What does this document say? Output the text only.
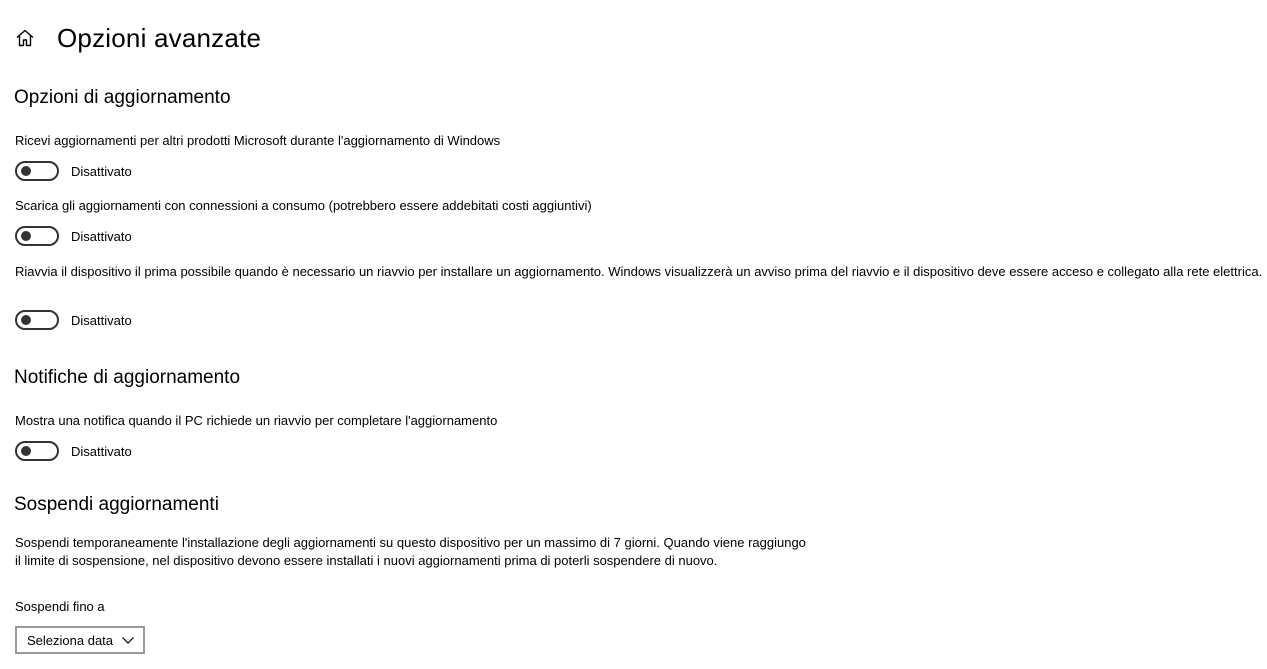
Opzioni avanzate
Opzioni di aggiornamento
Ricevi aggiornamenti per altri prodotti Microsoft durante l'aggiornamento di Windows
Disattivato
Scarica gli aggiornamenti con connessioni a consumo (potrebbero essere addebitati costi aggiuntivi)
Disattivato
Riavvia il dispositivo il prima possibile quando è necessario un riavvio per installare un aggiornamento. Windows visualizzerà un avviso prima del riavvio e il dispositivo deve essere acceso e collegato alla rete elettrica.
Disattivato
Notifiche di aggiornamento
Mostra una notifica quando il PC richiede un riavvio per completare l'aggiornamento
Disattivato
Sospendi aggiornamenti
Sospendi temporaneamente l'installazione degli aggiornamenti su questo dispositivo per un massimo di 7 giorni. Quando viene raggiungo il limite di sospensione, nel dispositivo devono essere installati i nuovi aggiornamenti prima di poterli sospendere di nuovo.
Sospendi fino a
Seleziona data
